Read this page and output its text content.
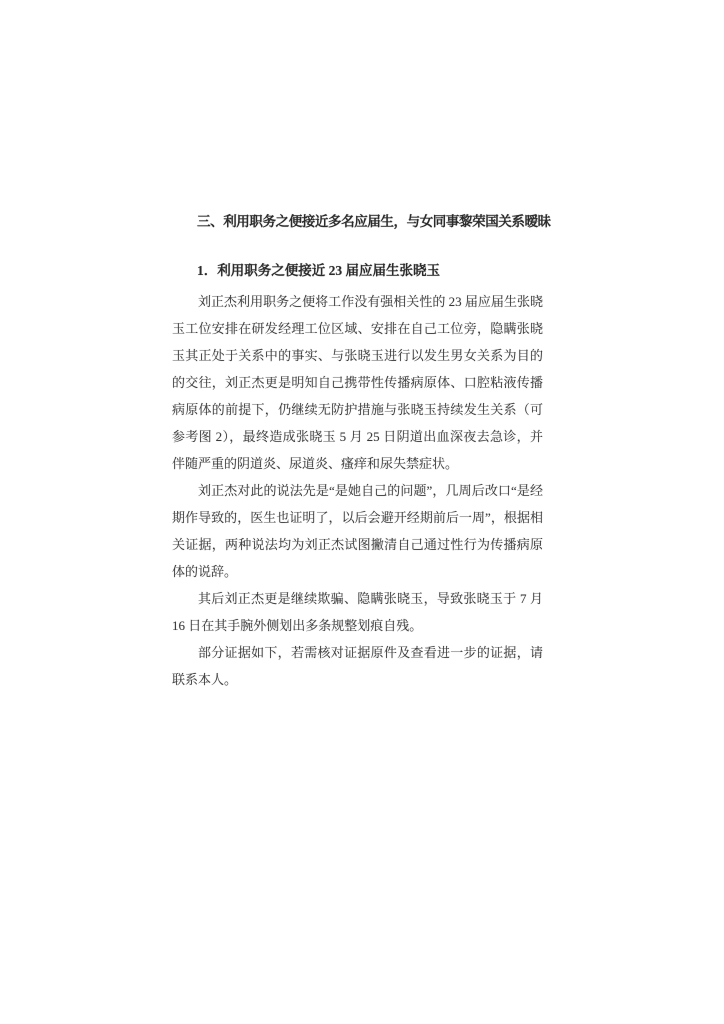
三、利用职务之便接近多名应届生，与女同事黎荣国关系暧昧
1．利用职务之便接近 23 届应届生张晓玉

刘正杰利用职务之便将工作没有强相关性的 23 届应届生张晓玉工位安排在研发经理工位区域、安排在自己工位旁，隐瞒张晓玉其正处于关系中的事实、与张晓玉进行以发生男女关系为目的的交往，刘正杰更是明知自己携带性传播病原体、口腔粘液传播病原体的前提下，仍继续无防护措施与张晓玉持续发生关系（可参考图 2），最终造成张晓玉 5 月 25 日阴道出血深夜去急诊，并伴随严重的阴道炎、尿道炎、瘙痒和尿失禁症状。

刘正杰对此的说法先是“是她自己的问题”，几周后改口“是经期作导致的，医生也证明了，以后会避开经期前后一周”，根据相关证据，两种说法均为刘正杰试图撇清自己通过性行为传播病原体的说辞。

其后刘正杰更是继续欺骗、隐瞒张晓玉，导致张晓玉于 7 月 16 日在其手腕外侧划出多条规整划痕自残。

部分证据如下，若需核对证据原件及查看进一步的证据，请联系本人。
